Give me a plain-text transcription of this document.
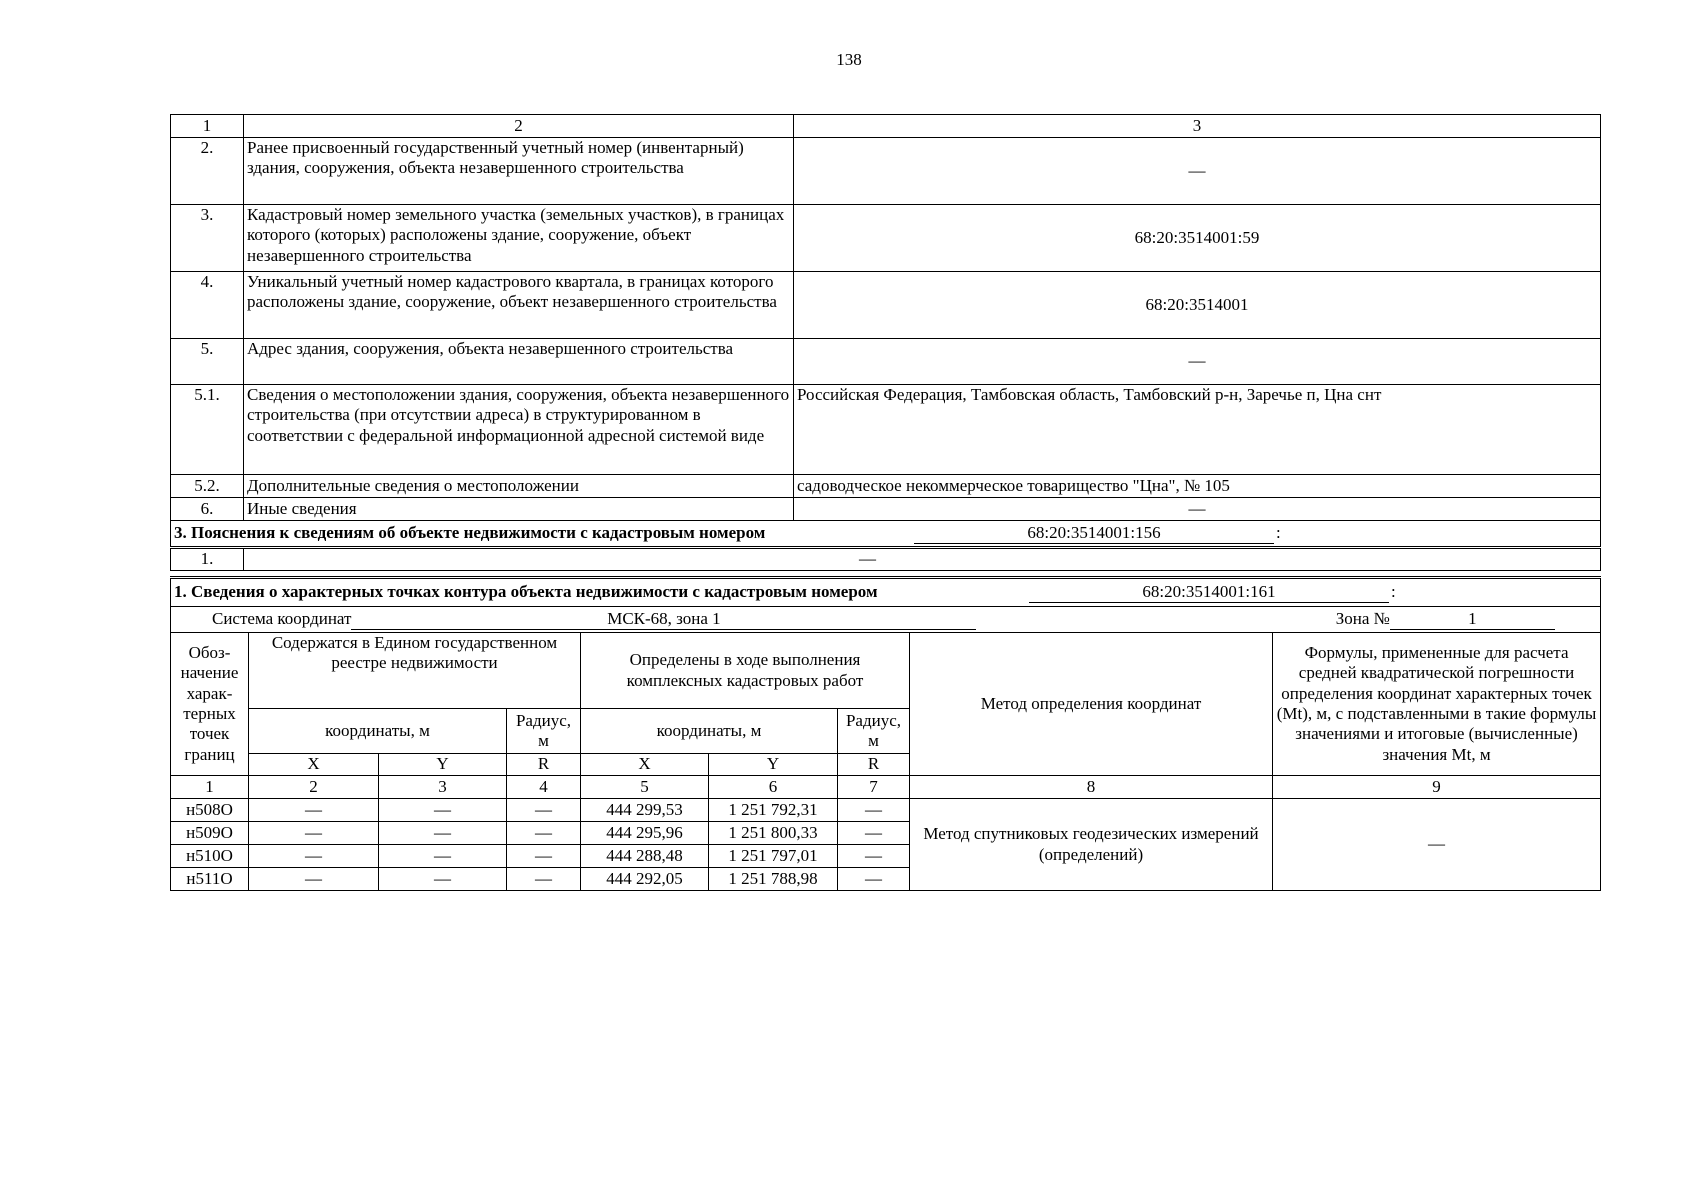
138
1	2	3
2.	Ранее присвоенный государственный учетный номер (инвентарный) здания, сооружения, объекта незавершенного строительства	—
3.	Кадастровый номер земельного участка (земельных участков), в границах которого (которых) расположены здание, сооружение, объект незавершенного строительства	68:20:3514001:59
4.	Уникальный учетный номер кадастрового квартала, в границах которого расположены здание, сооружение, объект незавершенного строительства	68:20:3514001
5.	Адрес здания, сооружения, объекта незавершенного строительства	—
5.1.	Сведения о местоположении здания, сооружения, объекта незавершенного строительства (при отсутствии адреса) в структурированном в соответствии с федеральной информационной адресной системой виде	Российская Федерация, Тамбовская область, Тамбовский р-н, Заречье п, Цна снт
5.2.	Дополнительные сведения о местоположении	садоводческое некоммерческое товарищество "Цна", № 105
6.	Иные сведения	—
3. Пояснения к сведениям об объекте недвижимости с кадастровым номером 68:20:3514001:156 :		
1.	—	
1. Сведения о характерных точках контура объекта недвижимости с кадастровым номером 68:20:3514001:161 :								
Система координат МСК-68, зона 1 Зона № 1								
Обоз-начение харак-терных точек границ	Содержатся в Едином государственном реестре недвижимости			Определены в ходе выполнения комплексных кадастровых работ			Метод определения координат	Формулы, примененные для расчета средней квадратической погрешности определения координат характерных точек (Mt), м, с подставленными в такие формулы значениями и итоговые (вычисленные) значения Mt, м
	координаты, м		Радиус, м	координаты, м		Радиус, м		
	X	Y	R	X	Y	R		
1	2	3	4	5	6	7	8	9
н508О	—	—	—	444 299,53	1 251 792,31	—	Метод спутниковых геодезических измерений (определений)	—
н509О	—	—	—	444 295,96	1 251 800,33	—		
н510О	—	—	—	444 288,48	1 251 797,01	—		
н511О	—	—	—	444 292,05	1 251 788,98	—		
